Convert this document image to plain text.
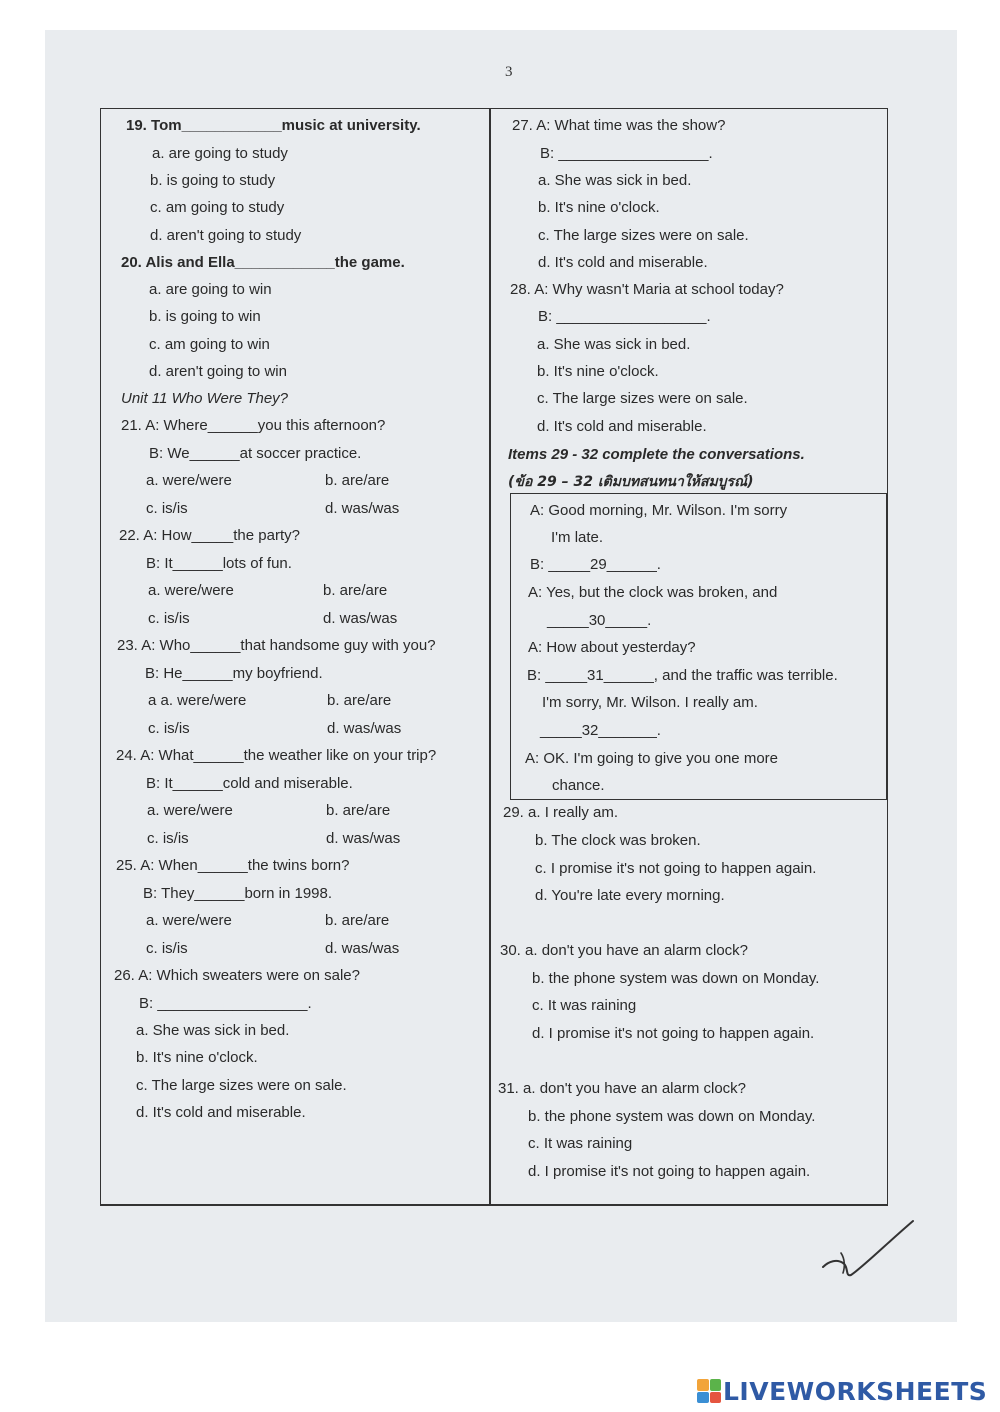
3
19. Tom____________music at university.
a. are going to study
b. is going to study
c. am going to study
d. aren't going to study
20. Alis and Ella____________the game.
a. are going to win
b. is going to win
c. am going to win
d. aren't going to win
Unit 11 Who Were They?
21. A: Where______you this afternoon?
B: We______at soccer practice.
a. were/were	b. are/are
c. is/is	d. was/was
22. A: How_____the party?
B: It______lots of fun.
a. were/were	b. are/are
c. is/is	d. was/was
23. A: Who______that handsome guy with you?
B: He______my boyfriend.
a a. were/were	b. are/are
c. is/is	d. was/was
24. A: What______the weather like on your trip?
B: It______cold and miserable.
a. were/were	b. are/are
c. is/is	d. was/was
25. A: When______the twins born?
B: They______born in 1998.
a. were/were	b. are/are
c. is/is	d. was/was
26. A: Which sweaters were on sale?
B: __________________.
a. She was sick in bed.
b. It's nine o'clock.
c. The large sizes were on sale.
d. It's cold and miserable.
27. A: What time was the show?
B: __________________.
a. She was sick in bed.
b. It's nine o'clock.
c. The large sizes were on sale.
d. It's cold and miserable.
28. A: Why wasn't Maria at school today?
B: __________________.
a. She was sick in bed.
b. It's nine o'clock.
c. The large sizes were on sale.
d. It's cold and miserable.
Items 29 - 32 complete the conversations.
(ข้อ 29 – 32 เติมบทสนทนาให้สมบูรณ์)
A: Good morning, Mr. Wilson. I'm sorry
I'm late.
B: _____29______.
A: Yes, but the clock was broken, and
_____30_____.
A: How about yesterday?
B: _____31______, and the traffic was terrible.
I'm sorry, Mr. Wilson. I really am.
_____32_______.
A: OK. I'm going to give you one more
chance.
29. a. I really am.
b. The clock was broken.
c. I promise it's not going to happen again.
d. You're late every morning.
30. a. don't you have an alarm clock?
b. the phone system was down on Monday.
c. It was raining
d. I promise it's not going to happen again.
31. a. don't you have an alarm clock?
b. the phone system was down on Monday.
c. It was raining
d. I promise it's not going to happen again.
LIVEWORKSHEETS
